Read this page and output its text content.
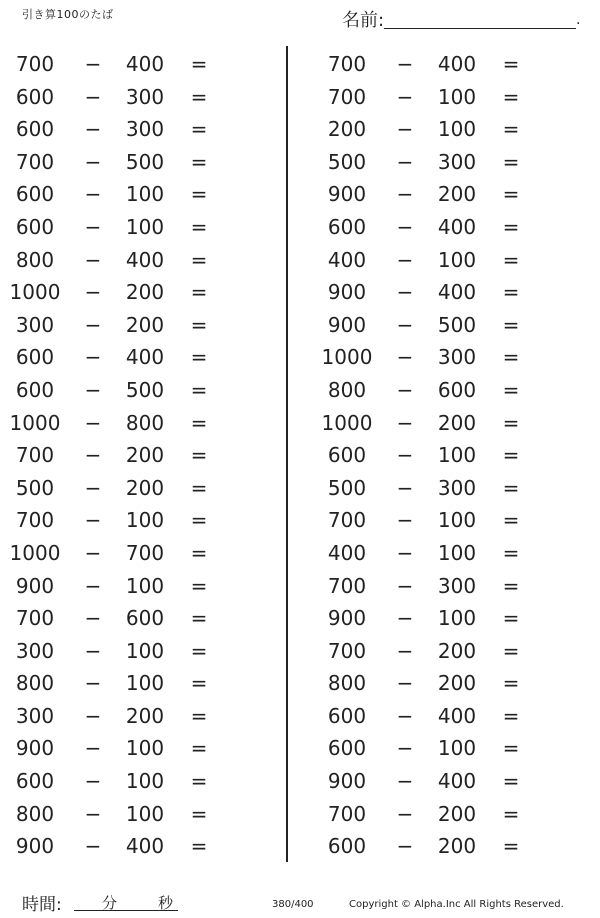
引き算100のたば	名前:	.
700	− 400	=
600	− 300	=
600	− 300	=
700	− 500	=
600	− 100	=
600	− 100	=
800	− 400	=
1000 − 200	=
300	− 200	=
600	− 400	=
600	− 500	=
1000 − 800	=
700	− 200	=
500	− 200	=
700	− 100	=
1000 − 700	=
900	− 100	=
700	− 600	=
300	− 100	=
800	− 100	=
300	− 200	=
900	− 100	=
600	− 100	=
800	− 100	=
900	− 400	=
700	− 400	=
700	− 100	=
200	− 100	=
500	− 300	=
900	− 200	=
600	− 400	=
400	− 100	=
900	− 400	=
900	− 500	=
1000 − 300	=
800	− 600	=
1000 − 200	=
600	− 100	=
500	− 300	=
700	− 100	=
400	− 100	=
700	− 300	=
900	− 100	=
700	− 200	=
800	− 200	=
600	− 400	=
600	− 100	=
900	− 400	=
700	− 200	=
600	− 200	=
時間:	分	秒	380/400	Copyright © Alpha.Inc All Rights Reserved.
